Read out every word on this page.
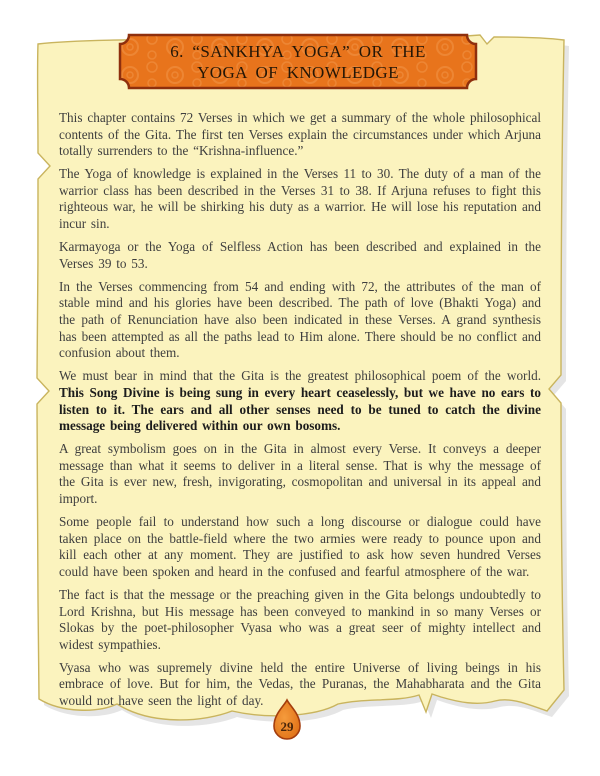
6. “SANKHYA YOGA” OR THE
YOGA OF KNOWLEDGE

This chapter contains 72 Verses in which we get a summary of the whole philosophical contents of the Gita. The first ten Verses explain the circumstances under which Arjuna totally surrenders to the “Krishna-influence.”

The Yoga of knowledge is explained in the Verses 11 to 30. The duty of a man of the warrior class has been described in the Verses 31 to 38. If Arjuna refuses to fight this righteous war, he will be shirking his duty as a warrior. He will lose his reputation and incur sin.

Karmayoga or the Yoga of Selfless Action has been described and explained in the Verses 39 to 53.

In the Verses commencing from 54 and ending with 72, the attributes of the man of stable mind and his glories have been described. The path of love (Bhakti Yoga) and the path of Renunciation have also been indicated in these Verses. A grand synthesis has been attempted as all the paths lead to Him alone. There should be no conflict and confusion about them.

We must bear in mind that the Gita is the greatest philosophical poem of the world. This Song Divine is being sung in every heart ceaselessly, but we have no ears to listen to it. The ears and all other senses need to be tuned to catch the divine message being delivered within our own bosoms.

A great symbolism goes on in the Gita in almost every Verse. It conveys a deeper message than what it seems to deliver in a literal sense. That is why the message of the Gita is ever new, fresh, invigorating, cosmopolitan and universal in its appeal and import.

Some people fail to understand how such a long discourse or dialogue could have taken place on the battle-field where the two armies were ready to pounce upon and kill each other at any moment. They are justified to ask how seven hundred Verses could have been spoken and heard in the confused and fearful atmosphere of the war.

The fact is that the message or the preaching given in the Gita belongs undoubtedly to Lord Krishna, but His message has been conveyed to mankind in so many Verses or Slokas by the poet-philosopher Vyasa who was a great seer of mighty intellect and widest sympathies.

Vyasa who was supremely divine held the entire Universe of living beings in his embrace of love. But for him, the Vedas, the Puranas, the Mahabharata and the Gita would not have seen the light of day.

29
